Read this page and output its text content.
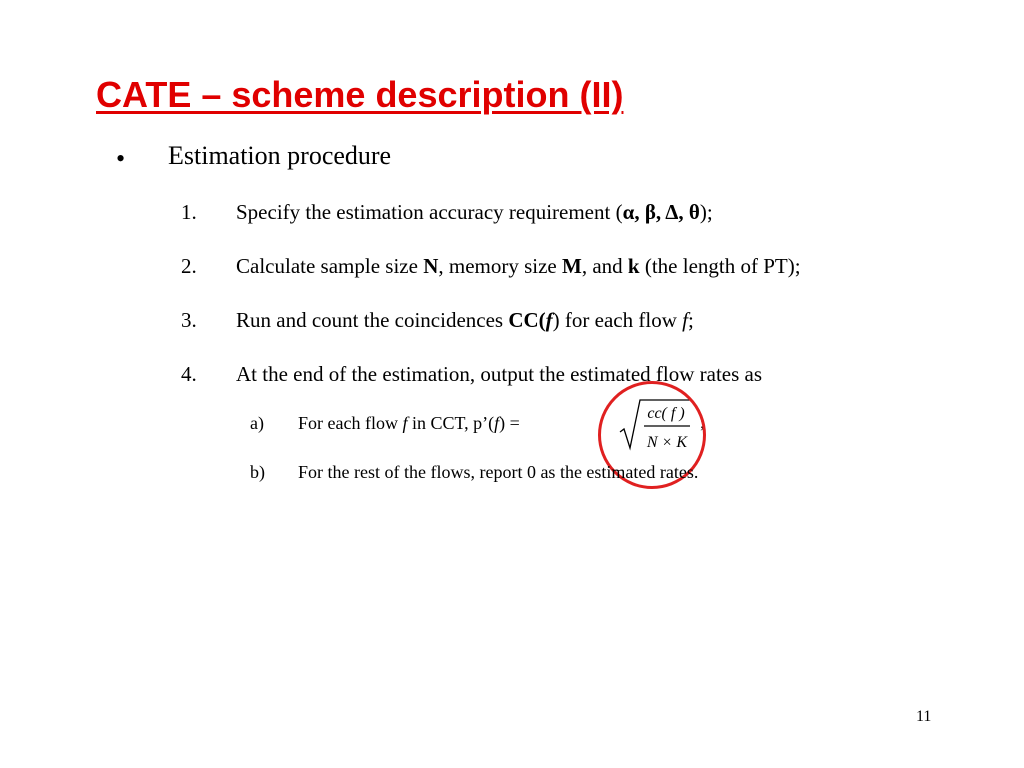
CATE – scheme description (II)
• Estimation procedure
1. Specify the estimation accuracy requirement (α, β, Δ, θ);
2. Calculate sample size N, memory size M, and k (the length of PT);
3. Run and count the coincidences CC(f) for each flow f;
4. At the end of the estimation, output the estimated flow rates as
a) For each flow f in CCT, p’(f) =	cc( f )
N × K
;
b) For the rest of the flows, report 0 as the estimated rates.
11
